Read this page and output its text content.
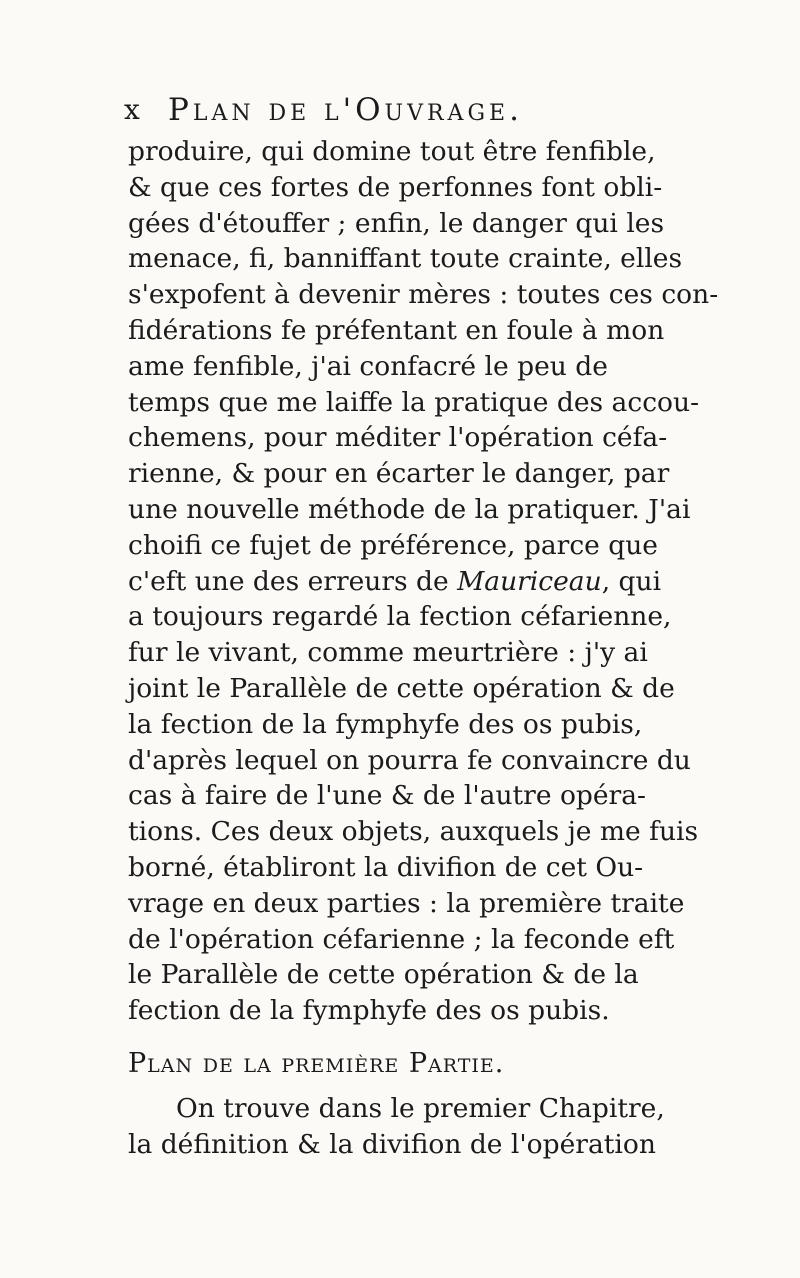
x Plan de l'Ouvrage.
produire, qui domine tout être fenfible,
& que ces fortes de perfonnes font obli-
gées d'étouffer ; enfin, le danger qui les
menace, fi, banniffant toute crainte, elles
s'expofent à devenir mères : toutes ces con-
fidérations fe préfentant en foule à mon
ame fenfible, j'ai confacré le peu de
temps que me laiffe la pratique des accou-
chemens, pour méditer l'opération céfa-
rienne, & pour en écarter le danger, par
une nouvelle méthode de la pratiquer. J'ai
choifi ce fujet de préférence, parce que
c'eft une des erreurs de Mauriceau, qui
a toujours regardé la fection céfarienne,
fur le vivant, comme meurtrière : j'y ai
joint le Parallèle de cette opération & de
la fection de la fymphyfe des os pubis,
d'après lequel on pourra fe convaincre du
cas à faire de l'une & de l'autre opéra-
tions. Ces deux objets, auxquels je me fuis
borné, établiront la divifion de cet Ou-
vrage en deux parties : la première traite
de l'opération céfarienne ; la feconde eft
le Parallèle de cette opération & de la
fection de la fymphyfe des os pubis.
Plan de la première Partie.
On trouve dans le premier Chapitre,
la définition & la divifion de l'opération
